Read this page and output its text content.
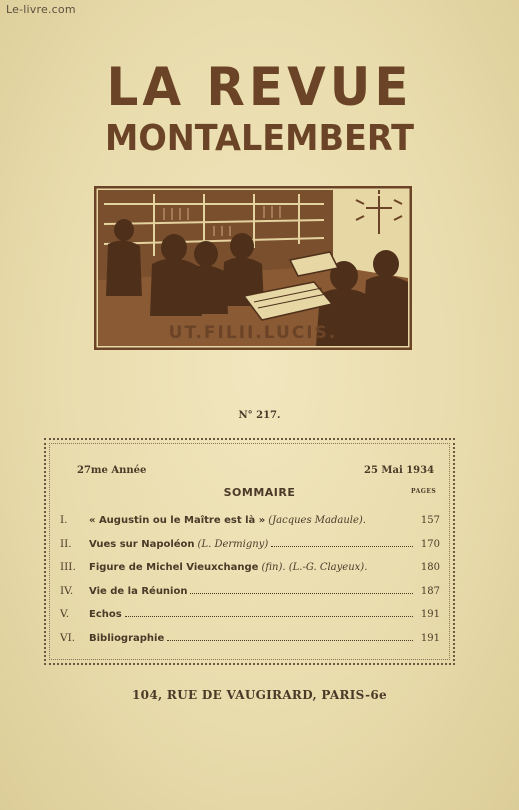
Le-livre.com
LA REVUE
MONTALEMBERT
UT.FILII.LUCIS.
N° 217.
27me Année	25 Mai 1934
SOMMAIRE	PAGES
I.	« Augustin ou le Maître est là » (Jacques Madaule).	157
II.	Vues sur Napoléon (L. Dermigny)	170
III.	Figure de Michel Vieuxchange (fin). (L.-G. Clayeux).	180
IV.	Vie de la Réunion	187
V.	Echos	191
VI.	Bibliographie	191
104, RUE DE VAUGIRARD, PARIS-6e
